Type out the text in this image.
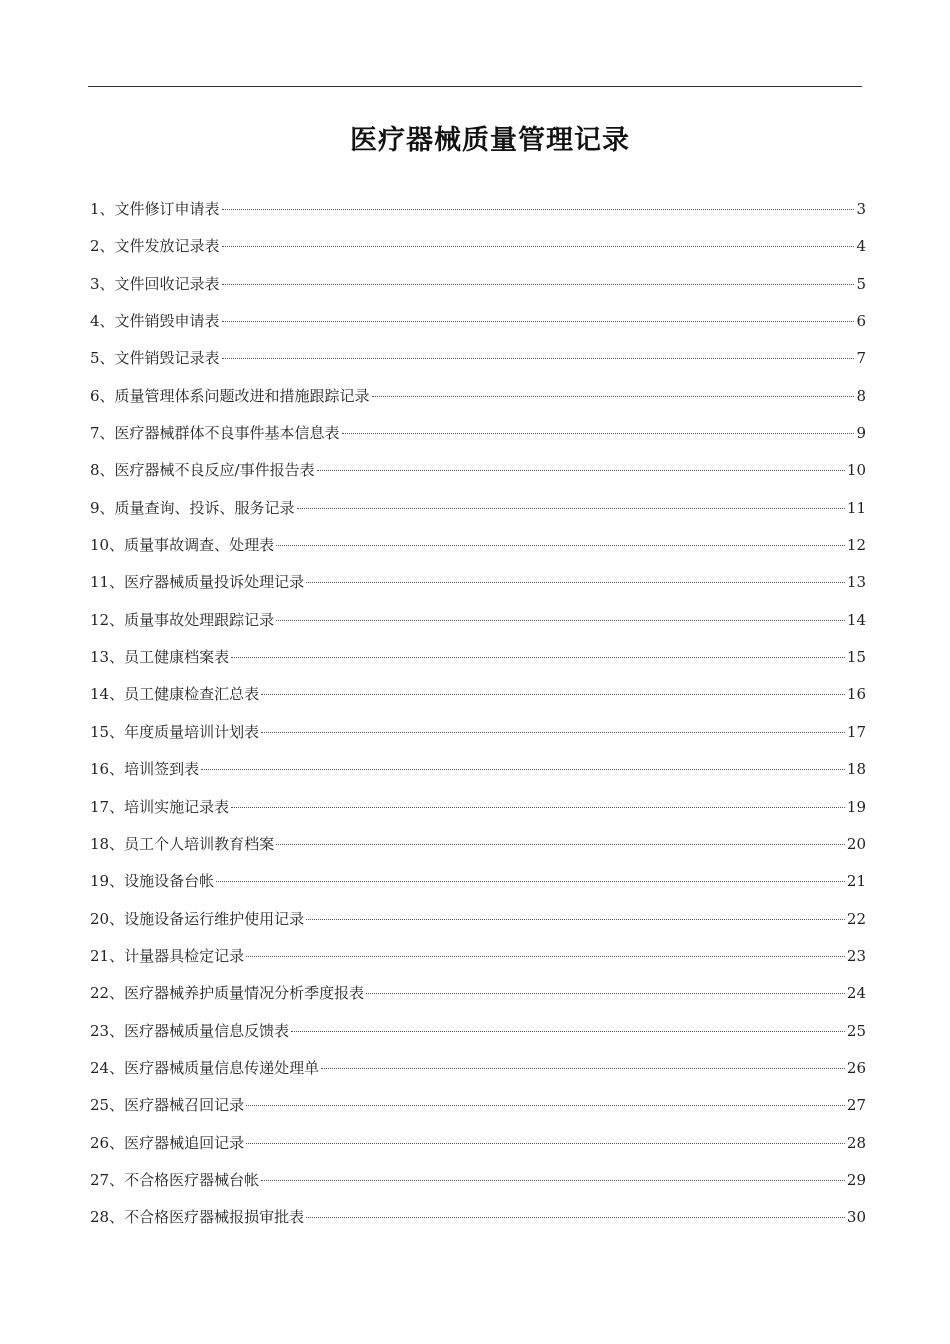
医疗器械质量管理记录
1、文件修订申请表	3
2、文件发放记录表	4
3、文件回收记录表	5
4、文件销毁申请表	6
5、文件销毁记录表	7
6、质量管理体系问题改进和措施跟踪记录	8
7、医疗器械群体不良事件基本信息表	9
8、医疗器械不良反应/事件报告表	10
9、质量查询、投诉、服务记录	11
10、质量事故调查、处理表	12
11、医疗器械质量投诉处理记录	13
12、质量事故处理跟踪记录	14
13、员工健康档案表	15
14、员工健康检查汇总表	16
15、年度质量培训计划表	17
16、培训签到表	18
17、培训实施记录表	19
18、员工个人培训教育档案	20
19、设施设备台帐	21
20、设施设备运行维护使用记录	22
21、计量器具检定记录	23
22、医疗器械养护质量情况分析季度报表	24
23、医疗器械质量信息反馈表	25
24、医疗器械质量信息传递处理单	26
25、医疗器械召回记录	27
26、医疗器械追回记录	28
27、不合格医疗器械台帐	29
28、不合格医疗器械报损审批表	30
